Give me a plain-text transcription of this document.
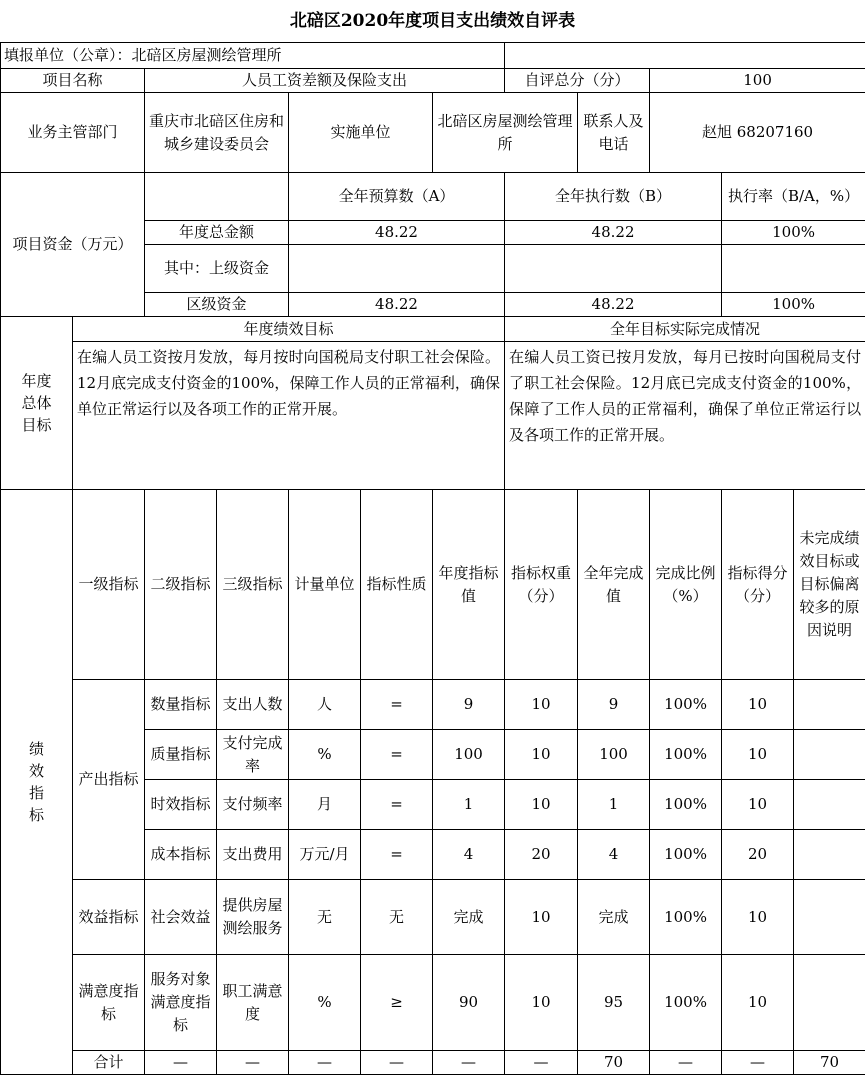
北碚区2020年度项目支出绩效自评表
填报单位（公章）：北碚区房屋测绘管理所												
项目名称		人员工资差额及保险支出					自评总分（分）		100			
业务主管部门		重庆市北碚区住房和城乡建设委员会		实施单位		北碚区房屋测绘管理所		联系人及电话	赵旭 68207160			
项目资金（万元）				全年预算数（A）			全年执行数（B）			执行率（B/A，%）		
		年度总金额		48.22			48.22			100%		
		其中：上级资金										
		区级资金		48.22			48.22			100%		
年度总体目标	年度绩效目标						全年目标实际完成情况					
	在编人员工资按月发放，每月按时向国税局支付职工社会保险。12月底完成支付资金的100%，保障工作人员的正常福利，确保单位正常运行以及各项工作的正常开展。						在编人员工资已按月发放，每月已按时向国税局支付了职工社会保险。12月底已完成支付资金的100%，保障了工作人员的正常福利，确保了单位正常运行以及各项工作的正常开展。					
绩效指标	一级指标	二级指标	三级指标	计量单位	指标性质	年度指标值	指标权重（分）	全年完成值	完成比例（%）	指标得分（分）	未完成绩效目标或目标偏离较多的原因说明	
	产出指标	数量指标	支出人数	人	=	9	10	9	100%	10		
		质量指标	支付完成率	%	=	100	10	100	100%	10		
		时效指标	支付频率	月	=	1	10	1	100%	10		
		成本指标	支出费用	万元/月	=	4	20	4	100%	20		
	效益指标	社会效益	提供房屋测绘服务	无	无	完成	10	完成	100%	10		
	满意度指标	服务对象满意度指标	职工满意度	%	≥	90	10	95	100%	10		
	合计	—	—	—	—	—	—	70	—	—	70	
